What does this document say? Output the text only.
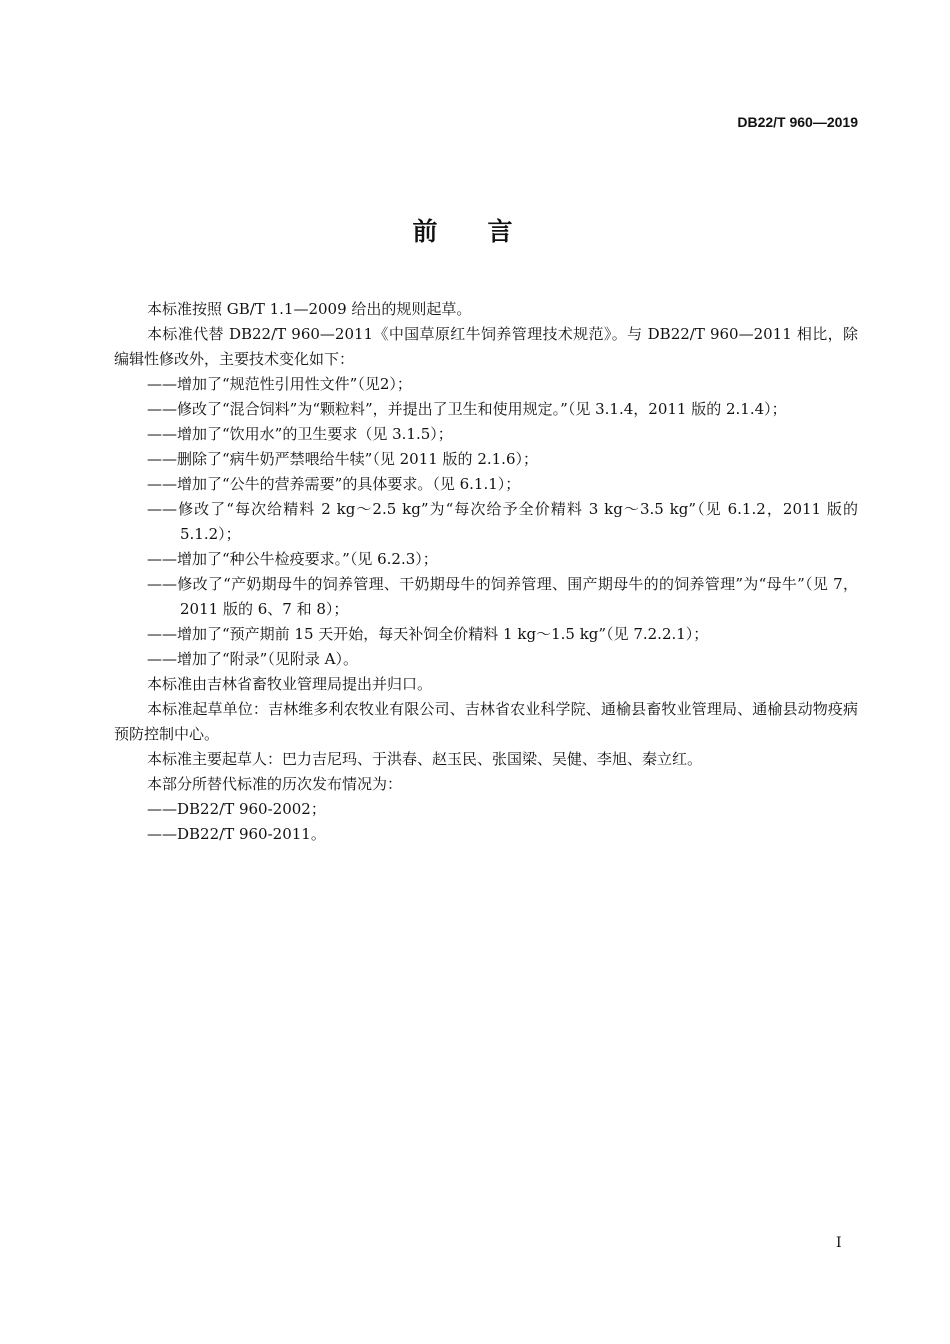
DB22/T 960—2019
前言

本标准按照 GB/T 1.1—2009 给出的规则起草。

本标准代替 DB22/T 960—2011《中国草原红牛饲养管理技术规范》。与 DB22/T 960—2011 相比，除编辑性修改外，主要技术变化如下：

——增加了“规范性引用性文件”（见2）；

——修改了“混合饲料”为“颗粒料”，并提出了卫生和使用规定。”（见 3.1.4，2011 版的 2.1.4）；

——增加了“饮用水”的卫生要求（见 3.1.5）；

——删除了“病牛奶严禁喂给牛犊”（见 2011 版的 2.1.6）；

——增加了“公牛的营养需要”的具体要求。（见 6.1.1）；

——修改了“每次给精料 2 kg～2.5 kg”为“每次给予全价精料 3 kg～3.5 kg”（见 6.1.2，2011 版的 5.1.2）；

——增加了“种公牛检疫要求。”（见 6.2.3）；

——修改了“产奶期母牛的饲养管理、干奶期母牛的饲养管理、围产期母牛的的饲养管理”为“母牛”（见 7，2011 版的 6、7 和 8）；

——增加了“预产期前 15 天开始，每天补饲全价精料 1 kg～1.5 kg”（见 7.2.2.1）；

——增加了“附录”（见附录 A）。

本标准由吉林省畜牧业管理局提出并归口。

本标准起草单位：吉林维多利农牧业有限公司、吉林省农业科学院、通榆县畜牧业管理局、通榆县动物疫病预防控制中心。

本标准主要起草人：巴力吉尼玛、于洪春、赵玉民、张国梁、吴健、李旭、秦立红。

本部分所替代标准的历次发布情况为：

——DB22/T 960-2002；

——DB22/T 960-2011。

I
